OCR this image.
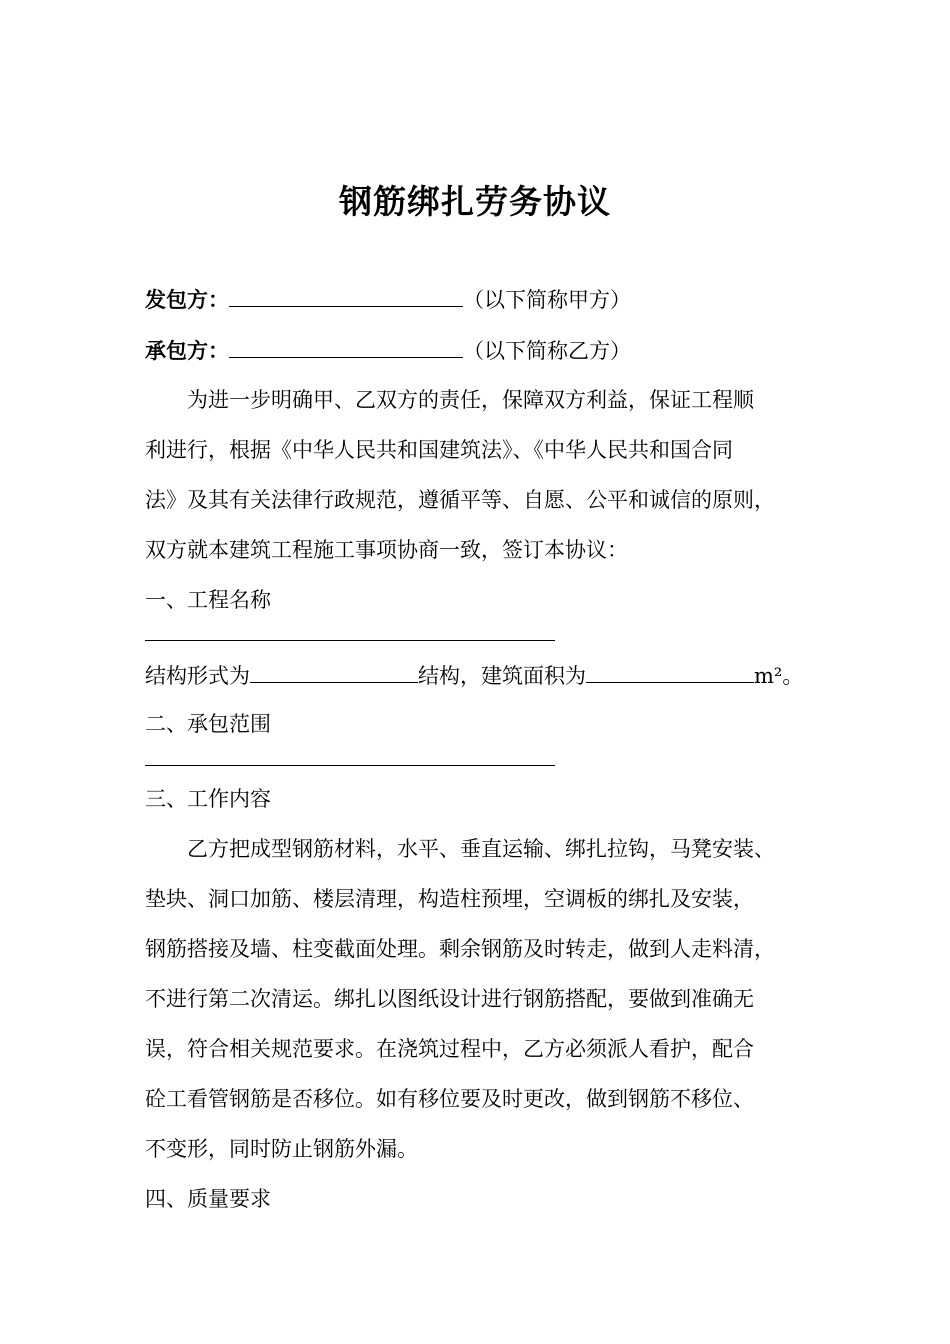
钢筋绑扎劳务协议
发包方：	（以下简称甲方）
承包方：	（以下简称乙方）
为进一步明确甲、乙双方的责任，保障双方利益，保证工程顺
利进行，根据《中华人民共和国建筑法》、《中华人民共和国合同
法》及其有关法律行政规范，遵循平等、自愿、公平和诚信的原则，
双方就本建筑工程施工事项协商一致，签订本协议：
一、工程名称
结构形式为	结构，建筑面积为	m²。
二、承包范围
三、工作内容
乙方把成型钢筋材料，水平、垂直运输、绑扎拉钩，马凳安装、
垫块、洞口加筋、楼层清理，构造柱预埋，空调板的绑扎及安装，
钢筋搭接及墙、柱变截面处理。剩余钢筋及时转走，做到人走料清，
不进行第二次清运。绑扎以图纸设计进行钢筋搭配，要做到准确无
误，符合相关规范要求。在浇筑过程中，乙方必须派人看护，配合
砼工看管钢筋是否移位。如有移位要及时更改，做到钢筋不移位、
不变形，同时防止钢筋外漏。
四、质量要求
